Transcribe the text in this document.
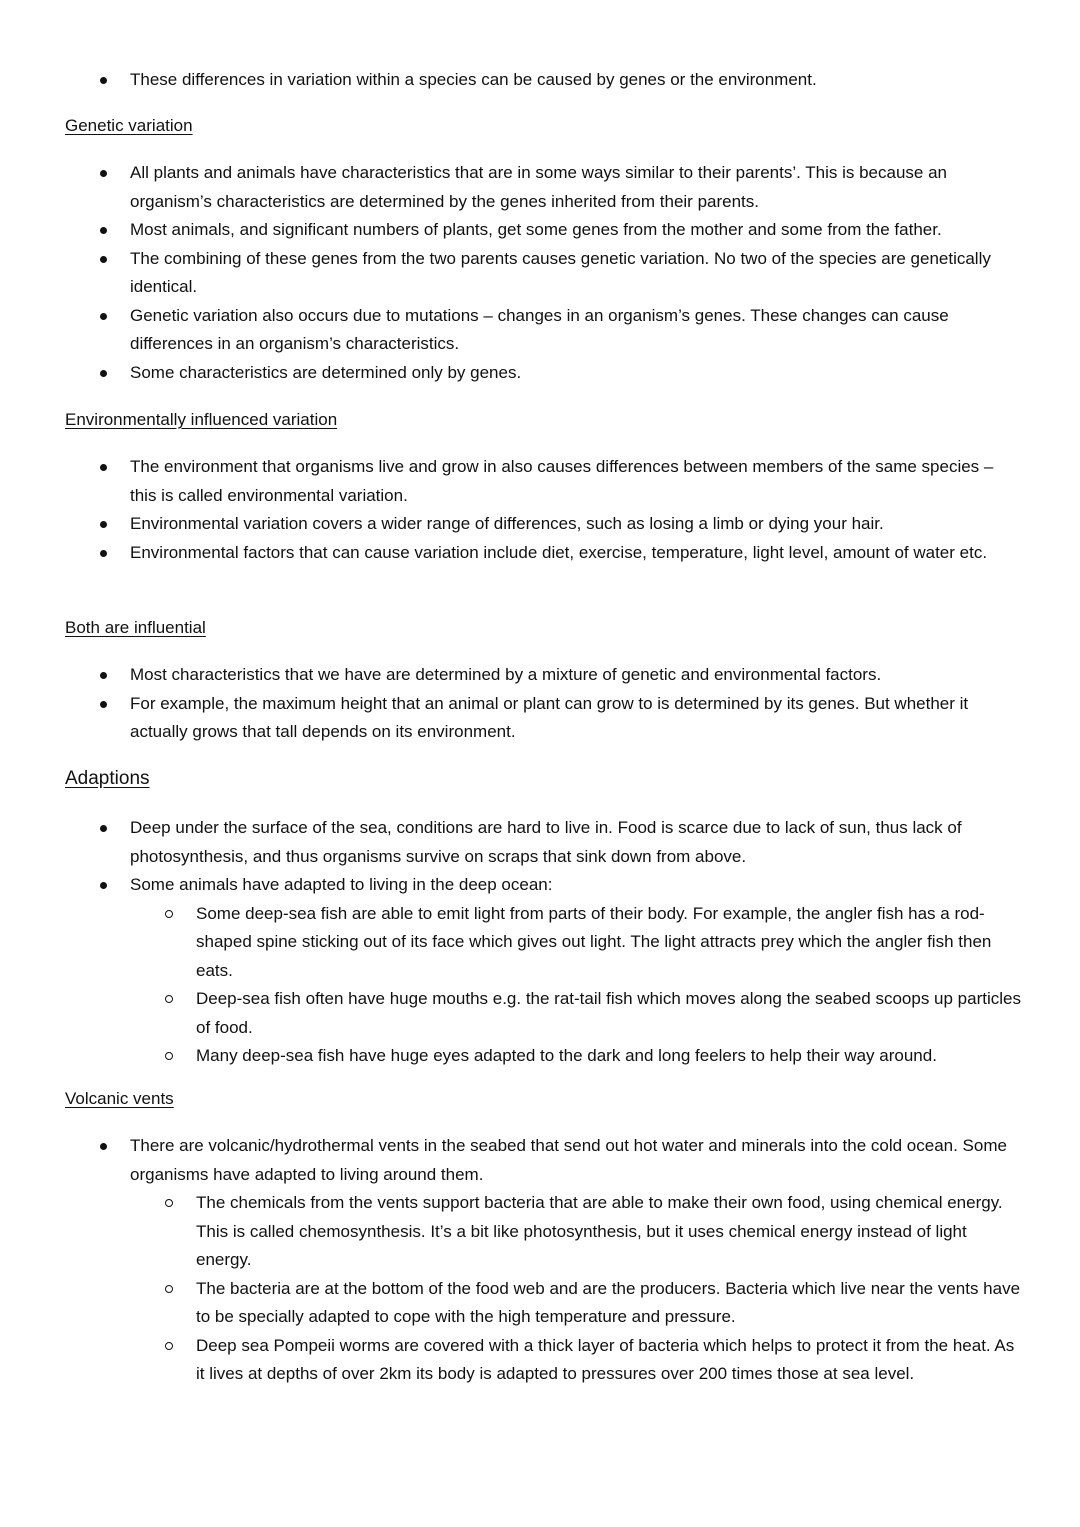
These differences in variation within a species can be caused by genes or the environment.
Genetic variation
All plants and animals have characteristics that are in some ways similar to their parents’. This is because an organism’s characteristics are determined by the genes inherited from their parents.
Most animals, and significant numbers of plants, get some genes from the mother and some from the father.
The combining of these genes from the two parents causes genetic variation. No two of the species are genetically identical.
Genetic variation also occurs due to mutations – changes in an organism’s genes. These changes can cause differences in an organism’s characteristics.
Some characteristics are determined only by genes.
Environmentally influenced variation
The environment that organisms live and grow in also causes differences between members of the same species – this is called environmental variation.
Environmental variation covers a wider range of differences, such as losing a limb or dying your hair.
Environmental factors that can cause variation include diet, exercise, temperature, light level, amount of water etc.
Both are influential
Most characteristics that we have are determined by a mixture of genetic and environmental factors.
For example, the maximum height that an animal or plant can grow to is determined by its genes. But whether it actually grows that tall depends on its environment.
Adaptions
Deep under the surface of the sea, conditions are hard to live in. Food is scarce due to lack of sun, thus lack of photosynthesis, and thus organisms survive on scraps that sink down from above.
Some animals have adapted to living in the deep ocean:
Some deep-sea fish are able to emit light from parts of their body. For example, the angler fish has a rod-shaped spine sticking out of its face which gives out light. The light attracts prey which the angler fish then eats.
Deep-sea fish often have huge mouths e.g. the rat-tail fish which moves along the seabed scoops up particles of food.
Many deep-sea fish have huge eyes adapted to the dark and long feelers to help their way around.
Volcanic vents
There are volcanic/hydrothermal vents in the seabed that send out hot water and minerals into the cold ocean. Some organisms have adapted to living around them.
The chemicals from the vents support bacteria that are able to make their own food, using chemical energy. This is called chemosynthesis. It’s a bit like photosynthesis, but it uses chemical energy instead of light energy.
The bacteria are at the bottom of the food web and are the producers. Bacteria which live near the vents have to be specially adapted to cope with the high temperature and pressure.
Deep sea Pompeii worms are covered with a thick layer of bacteria which helps to protect it from the heat. As it lives at depths of over 2km its body is adapted to pressures over 200 times those at sea level.
